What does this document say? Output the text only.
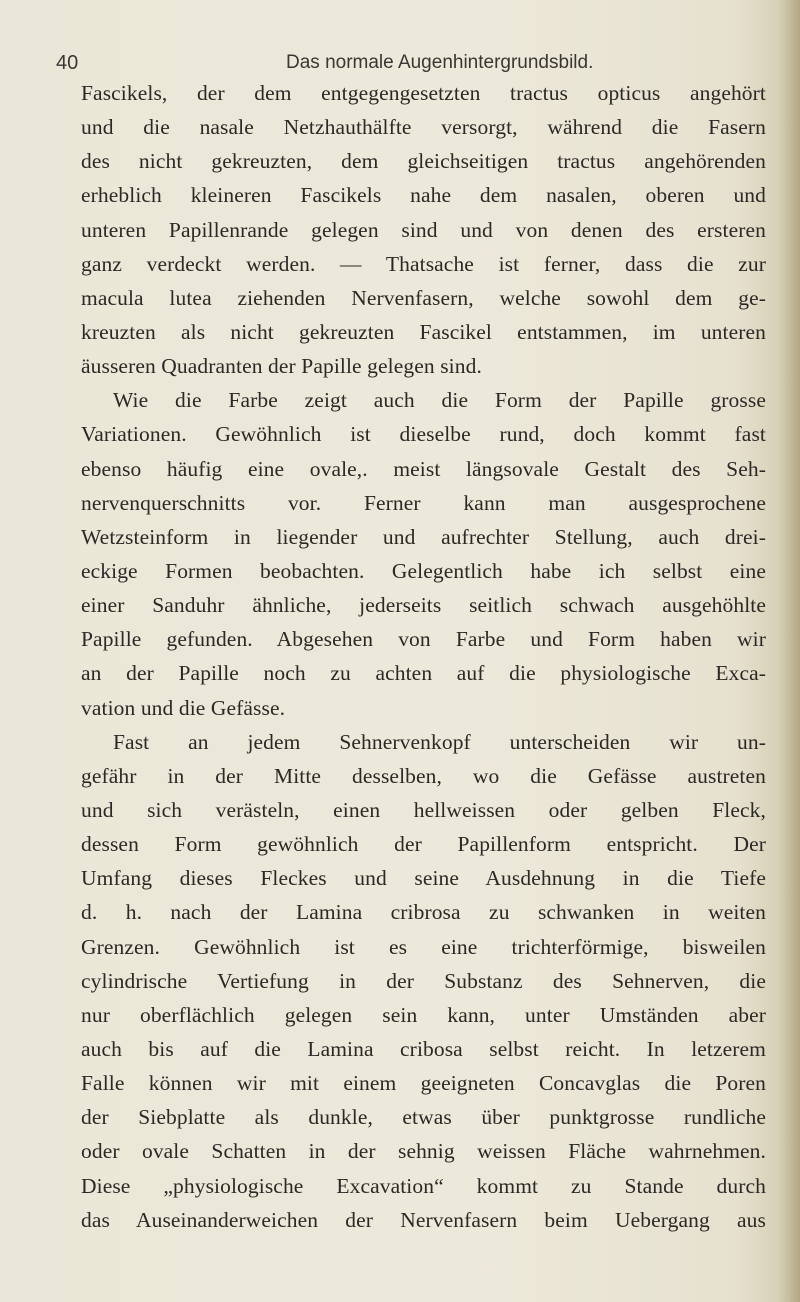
40	Das normale Augenhintergrundsbild.
Fascikels, der dem entgegengesetzten tractus opticus angehört
und die nasale Netzhauthälfte versorgt, während die Fasern
des nicht gekreuzten, dem gleichseitigen tractus angehörenden
erheblich kleineren Fascikels nahe dem nasalen, oberen und
unteren Papillenrande gelegen sind und von denen des ersteren
ganz verdeckt werden. — Thatsache ist ferner, dass die zur
macula lutea ziehenden Nervenfasern, welche sowohl dem ge-
kreuzten als nicht gekreuzten Fascikel entstammen, im unteren
äusseren Quadranten der Papille gelegen sind.
Wie die Farbe zeigt auch die Form der Papille grosse
Variationen. Gewöhnlich ist dieselbe rund, doch kommt fast
ebenso häufig eine ovale,. meist längsovale Gestalt des Seh-
nervenquerschnitts vor. Ferner kann man ausgesprochene
Wetzsteinform in liegender und aufrechter Stellung, auch drei-
eckige Formen beobachten. Gelegentlich habe ich selbst eine
einer Sanduhr ähnliche, jederseits seitlich schwach ausgehöhlte
Papille gefunden. Abgesehen von Farbe und Form haben wir
an der Papille noch zu achten auf die physiologische Exca-
vation und die Gefässe.
Fast an jedem Sehnervenkopf unterscheiden wir un-
gefähr in der Mitte desselben, wo die Gefässe austreten
und sich verästeln, einen hellweissen oder gelben Fleck,
dessen Form gewöhnlich der Papillenform entspricht. Der
Umfang dieses Fleckes und seine Ausdehnung in die Tiefe
d. h. nach der Lamina cribrosa zu schwanken in weiten
Grenzen. Gewöhnlich ist es eine trichterförmige, bisweilen
cylindrische Vertiefung in der Substanz des Sehnerven, die
nur oberflächlich gelegen sein kann, unter Umständen aber
auch bis auf die Lamina cribosa selbst reicht. In letzerem
Falle können wir mit einem geeigneten Concavglas die Poren
der Siebplatte als dunkle, etwas über punktgrosse rundliche
oder ovale Schatten in der sehnig weissen Fläche wahrnehmen.
Diese „physiologische Excavation“ kommt zu Stande durch
das Auseinanderweichen der Nervenfasern beim Uebergang aus
